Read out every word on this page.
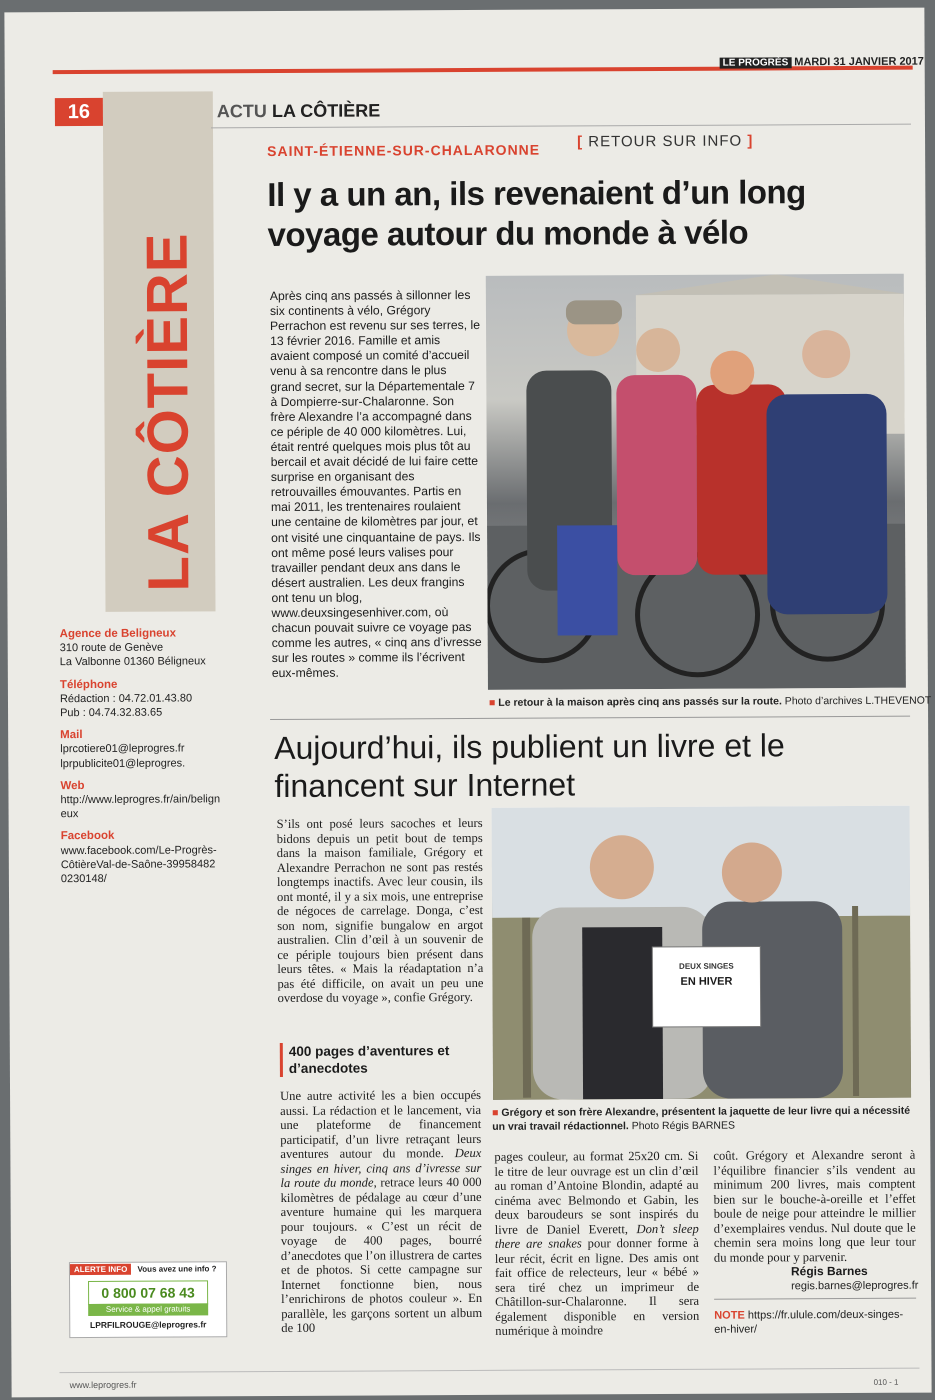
LE PROGRÈS MARDI 31 JANVIER 2017
16
LA CÔTIÈRE
ACTU LA CÔTIÈRE
SAINT-ÉTIENNE-SUR-CHALARONNE [ RETOUR SUR INFO ]
Il y a un an, ils revenaient d’un long voyage autour du monde à vélo
Après cinq ans passés à sillonner les six continents à vélo, Grégory Perrachon est revenu sur ses terres, le 13 février 2016. Famille et amis avaient composé un comité d’accueil venu à sa rencontre dans le plus grand secret, sur la Départementale 7 à Dompierre-sur-Chalaronne. Son frère Alexandre l’a accompagné dans ce périple de 40 000 kilomètres. Lui, était rentré quelques mois plus tôt au bercail et avait décidé de lui faire cette surprise en organisant des retrouvailles émouvantes. Partis en mai 2011, les trentenaires roulaient une centaine de kilomètres par jour, et ont visité une cinquantaine de pays. Ils ont même posé leurs valises pour travailler pendant deux ans dans le désert australien. Les deux frangins ont tenu un blog, www.deuxsingesenhiver.com, où chacun pouvait suivre ce voyage pas comme les autres, « cinq ans d’ivresse sur les routes » comme ils l’écrivent eux-mêmes.
■ Le retour à la maison après cinq ans passés sur la route. Photo d’archives L.THEVENOT
Aujourd’hui, ils publient un livre et le financent sur Internet
S’ils ont posé leurs sacoches et leurs bidons depuis un petit bout de temps dans la maison familiale, Grégory et Alexandre Perrachon ne sont pas restés longtemps inactifs. Avec leur cousin, ils ont monté, il y a six mois, une entreprise de négoces de carrelage. Donga, c’est son nom, signifie bungalow en argot australien. Clin d’œil à un souvenir de ce périple toujours bien présent dans leurs têtes. « Mais la réadaptation n’a pas été difficile, on avait un peu une overdose du voyage », confie Grégory.
DEUX SINGES
EN HIVER
■ Grégory et son frère Alexandre, présentent la jaquette de leur livre qui a nécessité un vrai travail rédactionnel. Photo Régis BARNES
400 pages d’aventures et d’anecdotes
Une autre activité les a bien occupés aussi. La rédaction et le lancement, via une plateforme de financement participatif, d’un livre retraçant leurs aventures autour du monde. Deux singes en hiver, cinq ans d’ivresse sur la route du monde, retrace leurs 40 000 kilomètres de pédalage au cœur d’une aventure humaine qui les marquera pour toujours. « C’est un récit de voyage de 400 pages, bourré d’anecdotes que l’on illustrera de cartes et de photos. Si cette campagne sur Internet fonctionne bien, nous l’enrichirons de photos couleur ». En parallèle, les garçons sortent un album de 100
pages couleur, au format 25x20 cm. Si le titre de leur ouvrage est un clin d’œil au roman d’Antoine Blondin, adapté au cinéma avec Belmondo et Gabin, les deux baroudeurs se sont inspirés du livre de Daniel Everett, Don’t sleep there are snakes pour donner forme à leur récit, écrit en ligne. Des amis ont fait office de relecteurs, leur « bébé » sera tiré chez un imprimeur de Châtillon-sur-Chalaronne. Il sera également disponible en version numérique à moindre
coût. Grégory et Alexandre seront à l’équilibre financier s’ils vendent au minimum 200 livres, mais comptent bien sur le bouche-à-oreille et l’effet boule de neige pour atteindre le millier d’exemplaires vendus. Nul doute que le chemin sera moins long que leur tour du monde pour y parvenir.
Régis Barnes
regis.barnes@leprogres.fr
NOTE https://fr.ulule.com/deux-singes-en-hiver/
Agence de Beligneux
310 route de Genève
La Valbonne 01360 Béligneux
Téléphone
Rédaction : 04.72.01.43.80
Pub : 04.74.32.83.65
Mail
lprcotiere01@leprogres.fr
lprpublicite01@leprogres.
Web
http://www.leprogres.fr/ain/beligneux
Facebook
www.facebook.com/Le-Progrès-CôtièreVal-de-Saône-399584820230148/
ALERTE INFO Vous avez une info ?
0 800 07 68 43
Service & appel gratuits
LPRFILROUGE@leprogres.fr
www.leprogres.fr	010 - 1
